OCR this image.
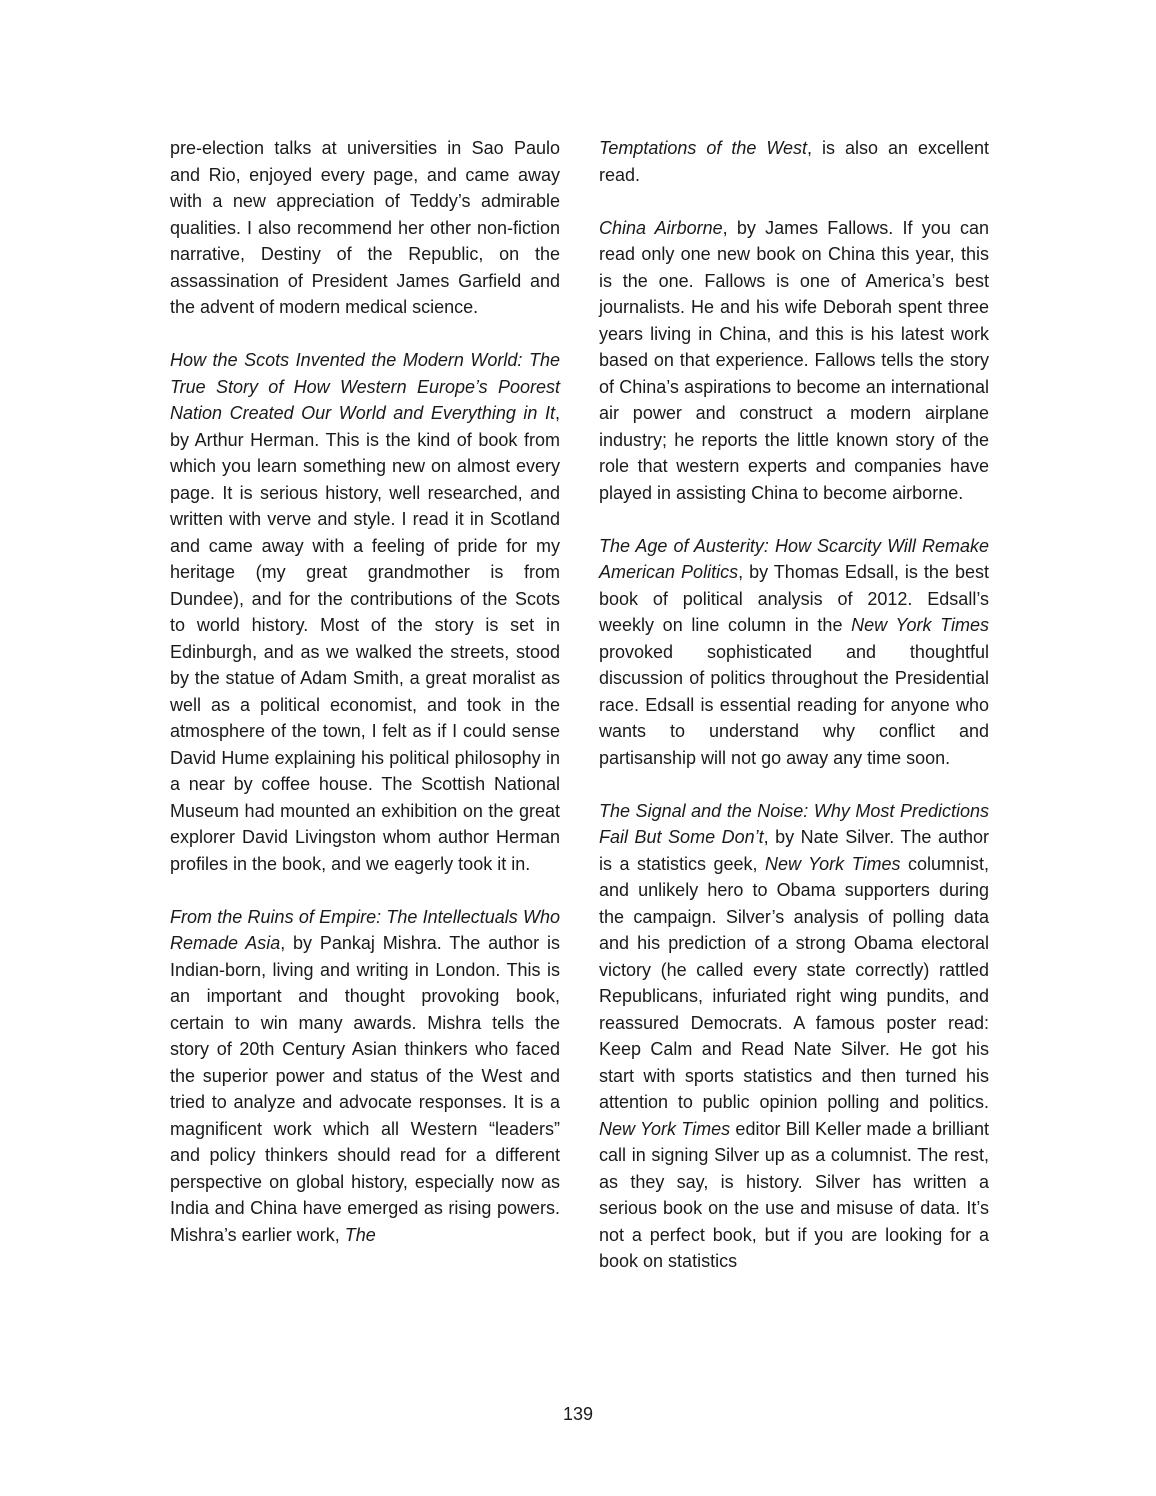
pre-election talks at universities in Sao Paulo and Rio, enjoyed every page, and came away with a new appreciation of Teddy’s admirable qualities. I also recommend her other non-fiction narrative, Destiny of the Republic, on the assassination of President James Garfield and the advent of modern medical science.

How the Scots Invented the Modern World: The True Story of How Western Europe’s Poorest Nation Created Our World and Everything in It, by Arthur Herman. This is the kind of book from which you learn something new on almost every page. It is serious history, well researched, and written with verve and style. I read it in Scotland and came away with a feeling of pride for my heritage (my great grandmother is from Dundee), and for the contributions of the Scots to world history. Most of the story is set in Edinburgh, and as we walked the streets, stood by the statue of Adam Smith, a great moralist as well as a political economist, and took in the atmosphere of the town, I felt as if I could sense David Hume explaining his political philosophy in a near by coffee house. The Scottish National Museum had mounted an exhibition on the great explorer David Livingston whom author Herman profiles in the book, and we eagerly took it in.

From the Ruins of Empire: The Intellectuals Who Remade Asia, by Pankaj Mishra. The author is Indian-born, living and writing in London. This is an important and thought provoking book, certain to win many awards. Mishra tells the story of 20th Century Asian thinkers who faced the superior power and status of the West and tried to analyze and advocate responses. It is a magnificent work which all Western “leaders” and policy thinkers should read for a different perspective on global history, especially now as India and China have emerged as rising powers. Mishra’s earlier work, The

Temptations of the West, is also an excellent read.

China Airborne, by James Fallows. If you can read only one new book on China this year, this is the one. Fallows is one of America’s best journalists. He and his wife Deborah spent three years living in China, and this is his latest work based on that experience. Fallows tells the story of China’s aspirations to become an international air power and construct a modern airplane industry; he reports the little known story of the role that western experts and companies have played in assisting China to become airborne.

The Age of Austerity: How Scarcity Will Remake American Politics, by Thomas Edsall, is the best book of political analysis of 2012. Edsall’s weekly on line column in the New York Times provoked sophisticated and thoughtful discussion of politics throughout the Presidential race. Edsall is essential reading for anyone who wants to understand why conflict and partisanship will not go away any time soon.

The Signal and the Noise: Why Most Predictions Fail But Some Don’t, by Nate Silver. The author is a statistics geek, New York Times columnist, and unlikely hero to Obama supporters during the campaign. Silver’s analysis of polling data and his prediction of a strong Obama electoral victory (he called every state correctly) rattled Republicans, infuriated right wing pundits, and reassured Democrats. A famous poster read: Keep Calm and Read Nate Silver. He got his start with sports statistics and then turned his attention to public opinion polling and politics. New York Times editor Bill Keller made a brilliant call in signing Silver up as a columnist. The rest, as they say, is history. Silver has written a serious book on the use and misuse of data. It’s not a perfect book, but if you are looking for a book on statistics

139
